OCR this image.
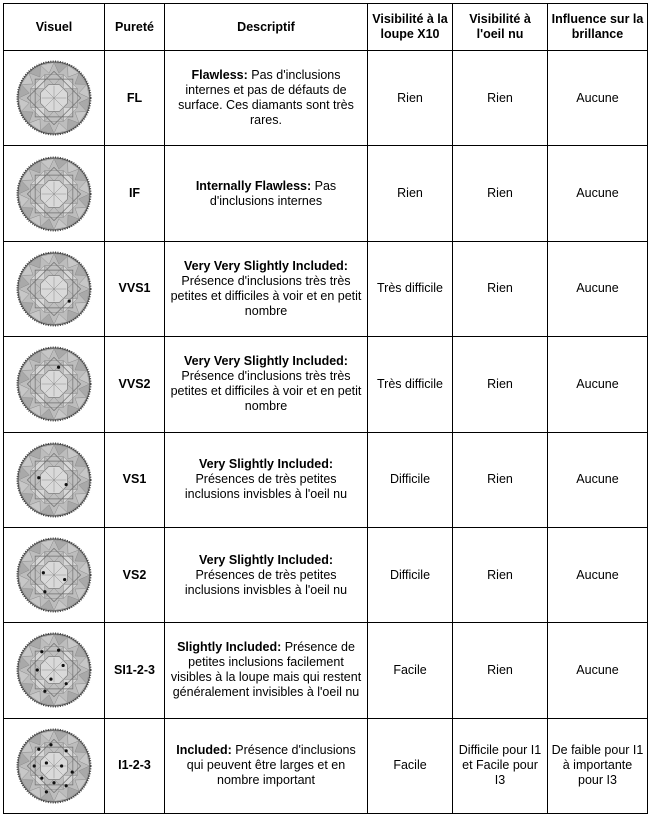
Visuel	Pureté	Descriptif	Visibilité à la loupe X10	Visibilité à l'oeil nu	Influence sur la brillance

	FL	Flawless: Pas d'inclusions internes et pas de défauts de surface. Ces diamants sont très rares.	Rien	Rien	Aucune

	IF	Internally Flawless: Pas d'inclusions internes	Rien	Rien	Aucune

	VVS1	Very Very Slightly Included: Présence d'inclusions très très petites et difficiles à voir et en petit nombre	Très difficile	Rien	Aucune

	VVS2	Very Very Slightly Included: Présence d'inclusions très très petites et difficiles à voir et en petit nombre	Très difficile	Rien	Aucune

	VS1	Very Slightly Included: Présences de très petites inclusions invisbles à l'oeil nu	Difficile	Rien	Aucune

	VS2	Very Slightly Included: Présences de très petites inclusions invisbles à l'oeil nu	Difficile	Rien	Aucune

	SI1-2-3	Slightly Included: Présence de petites inclusions facilement visibles à la loupe mais qui restent généralement invisibles à l'oeil nu	Facile	Rien	Aucune

	I1-2-3	Included: Présence d'inclusions qui peuvent être larges et en nombre important	Facile	Difficile pour I1 et Facile pour I3	De faible pour I1 à importante pour I3
